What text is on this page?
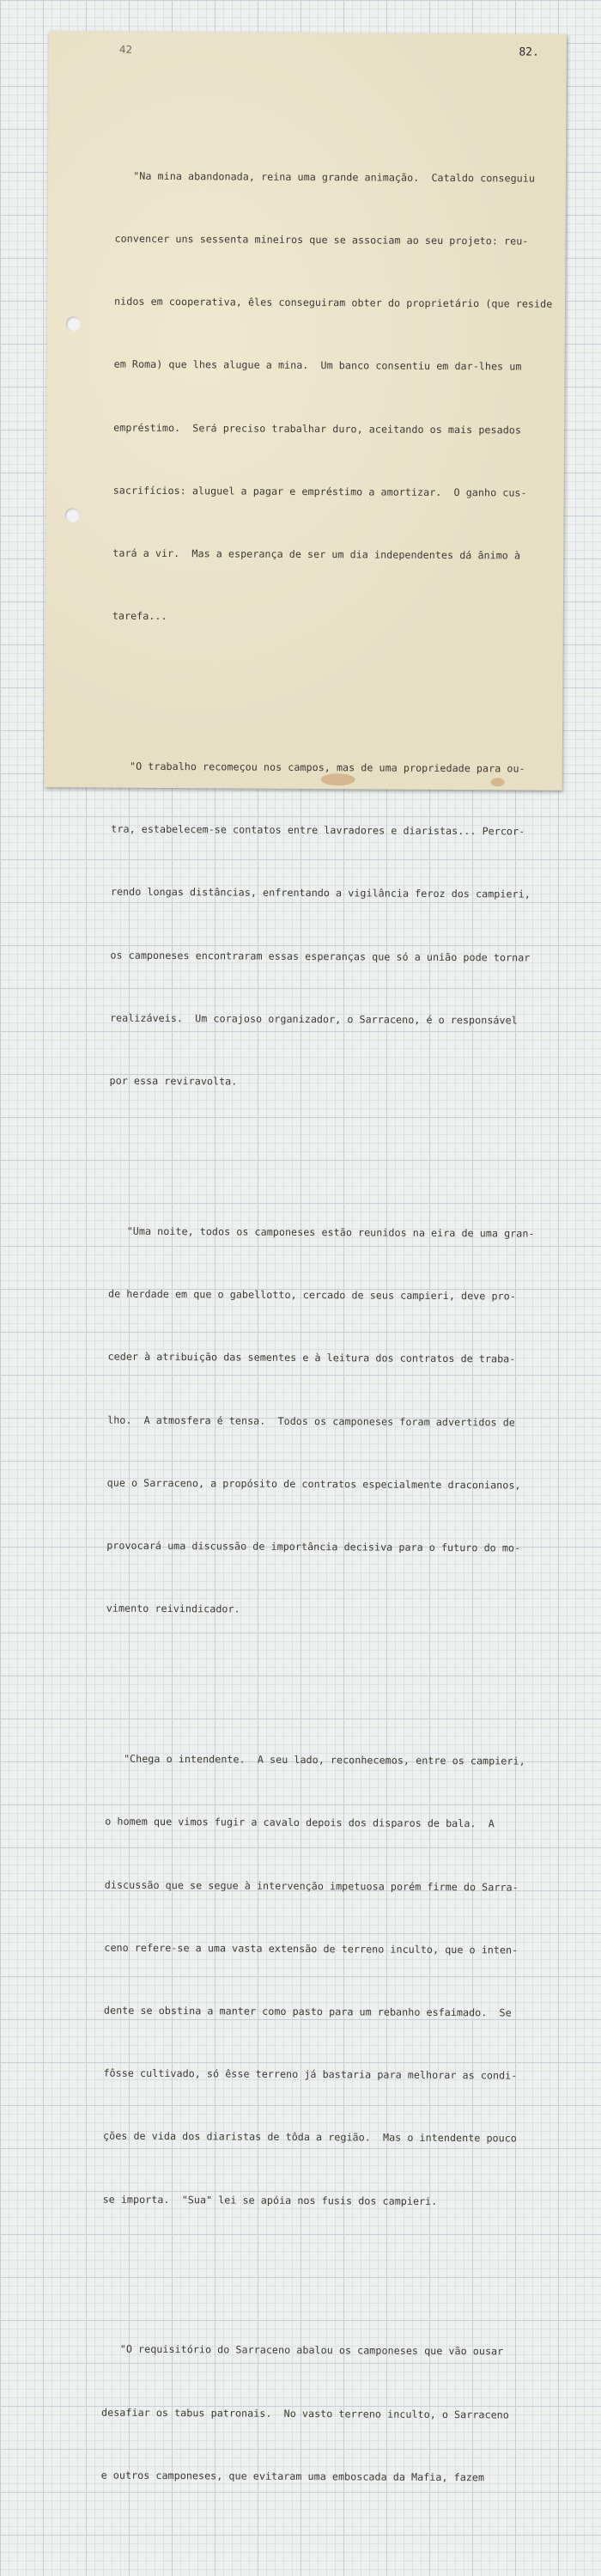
42	82.

"Na mina abandonada, reina uma grande animação.  Cataldo conseguiu

convencer uns sessenta mineiros que se associam ao seu projeto: reu-

nidos em cooperativa, êles conseguiram obter do proprietário (que reside

em Roma) que lhes alugue a mina.  Um banco consentiu em dar-lhes um

empréstimo.  Será preciso trabalhar duro, aceitando os mais pesados

sacrifícios: aluguel a pagar e empréstimo a amortizar.  O ganho cus-

tará a vir.  Mas a esperança de ser um dia independentes dá ânimo à

tarefa...

"O trabalho recomeçou nos campos, mas de uma propriedade para ou-

tra, estabelecem-se contatos entre lavradores e diaristas... Percor-

rendo longas distâncias, enfrentando a vigilância feroz dos campieri,

os camponeses encontraram essas esperanças que só a união pode tornar

realizáveis.  Um corajoso organizador, o Sarraceno, é o responsável

por essa reviravolta.

"Uma noite, todos os camponeses estão reunidos na eira de uma gran-

de herdade em que o gabellotto, cercado de seus campieri, deve pro-

ceder à atribuição das sementes e à leitura dos contratos de traba-

lho.  A atmosfera é tensa.  Todos os camponeses foram advertidos de

que o Sarraceno, a propósito de contratos especialmente draconianos,

provocará uma discussão de importância decisiva para o futuro do mo-

vimento reivindicador.

"Chega o intendente.  A seu lado, reconhecemos, entre os campieri,

o homem que vimos fugir a cavalo depois dos disparos de bala.  A

discussão que se segue à intervenção impetuosa porém firme do Sarra-

ceno refere-se a uma vasta extensão de terreno inculto, que o inten-

dente se obstina a manter como pasto para um rebanho esfaimado.  Se

fôsse cultivado, só êsse terreno já bastaria para melhorar as condi-

ções de vida dos diaristas de tôda a região.  Mas o intendente pouco

se importa.  "Sua" lei se apóia nos fusis dos campieri.

"O requisitório do Sarraceno abalou os camponeses que vão ousar

desafiar os tabus patronais.  No vasto terreno inculto, o Sarraceno

e outros camponeses, que evitaram uma emboscada da Mafia, fazem
